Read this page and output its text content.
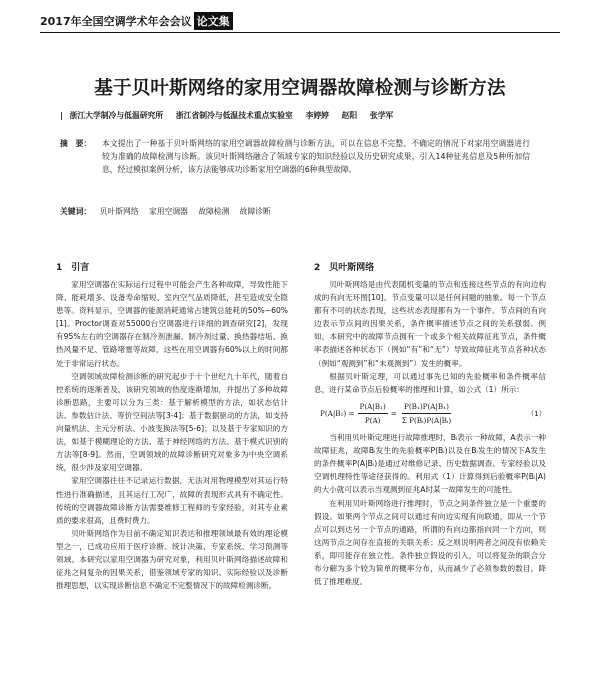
2017年全国空调学术年会会议 论文集
基于贝叶斯网络的家用空调器故障检测与诊断方法
| 浙江大学制冷与低温研究所 浙江省制冷与低温技术重点实验室 李婷婷 赵阳 张学军
摘　要：	本文提出了一种基于贝叶斯网络的家用空调器故障检测与诊断方法，可以在信息不完整、不确定的情况下对家用空调器进行较为准确的故障检测与诊断。该贝叶斯网络融合了领域专家的知识经验以及历史研究成果，引入14种征兆信息及5种所加信息，经过模拟案例分析，该方法能够成功诊断家用空调器的6种典型故障。
关键词： 贝叶斯网络　 家用空调器　 故障检测　 故障诊断
1　引言

家用空调器在实际运行过程中可能会产生各种故障，导致性能下降、能耗增多、设备寿命缩短、室内空气品质降低，甚至造成安全隐患等。资料显示，空调器的能源消耗通常占建筑总能耗的50%~60%[1]。Proctor调查对55000台空调器进行详细的调查研究[2]，发现有95%左右的空调器存在制冷剂泄漏、制冷剂过量、换热器结垢、换热风量不足、管路堵塞等故障，这些在用空调器有60%以上的时间都处于非常运行状态。

空调领域故障检测诊断的研究起步于十个世纪九十年代，随着自控系统的逐渐普及，该研究领域的热度逐渐增加，并提出了多种故障诊断思路，主要可以分为三类：基于解析模型的方法，如状态估计法、参数估计法、等价空间法等[3-4]；基于数据驱动的方法，如支持向量机法、主元分析法、小波变换法等[5-6]；以及基于专家知识的方法，如基于模糊理论的方法、基于神经网络的方法、基于模式识别的方法等[8-9]。然而，空调领域的故障诊断研究对象多为中央空调系统，很少涉及家用空调器。

家用空调器往往不记录运行数据，无法对用物理模型对其运行特性进行准确描述，且其运行工况广，故障的表现形式具有不确定性。传统的空调器故障诊断方法需要维修工程师的专家经验，对其专业素质的要求很高，且费时费力。

贝叶斯网络作为目前不确定知识表达和推理领域最有效的理论模型之一，已成功应用于医疗诊断、统计决策、专家系统、学习预测等领域。本研究以家用空调器为研究对象，利用贝叶斯网络描述故障和征兆之间复杂的因果关系，借鉴领域专家的知识、实际经验以及诊断推理思想，以实现诊断信息不确定不完整情况下的故障检测诊断。

2　贝叶斯网络

贝叶斯网络是由代表随机变量的节点和连接这些节点的有向边构成的有向无环图[10]。节点变量可以是任何问题的抽象。每一个节点都有不可的状态表现，这些状态表现都有为一个事件。节点间的有向边表示节点间的因果关系，条件概率描述节点之间的关系强弱。例如，本研究中的故障节点拥有一个或多个相关故障征兆节点，条件概率表描述各种状态下（例如“有”和“无”）导致故障征兆节点各种状态（例如“观测到”和“未观测到”）发生的概率。

根据贝叶斯定理，可以通过事先已知的先验概率和条件概率信息，进行某命节点后验概率的推理和计算，如公式（1）所示：

$P(A|B_1) = \frac{\text{P(A|B₁)}}{P(A)} = \frac{\text{P(B₁)P(A|B₁)}}{\text{Σ P(Bᵢ)P(A|Bᵢ)}}$	（1）

当利用贝叶斯定理进行故障推理时，Bᵢ表示一种故障，A表示一种故障征兆，故障Bᵢ发生的先验概率P(Bᵢ)以及在Bᵢ发生的情况下A发生的条件概率P(A|Bᵢ)是通过对维修记录、历史数据调查、专家经验以及空调机理特性等途径获得的。利用式（1）计算得到后验概率P(Bᵢ|A)的大小就可以表示当观测到征兆A时某一故障发生的可能性。

在利用贝叶斯网络进行推理时，节点之间条件独立是一个重要的假设。如果两个节点之间可以通过有向边实现有向联通，即从一个节点可以到达另一个节点的通路，所谓的有向边都指向同一个方向，则这两节点之间存在直接的关联关系；反之则说明两者之间没有依赖关系，即可能存在独立性。条件独立假设的引入，可以将复杂的联合分布分解为多个较为简单的概率分布，从而减少了必须参数的数目，降低了推理难度。
